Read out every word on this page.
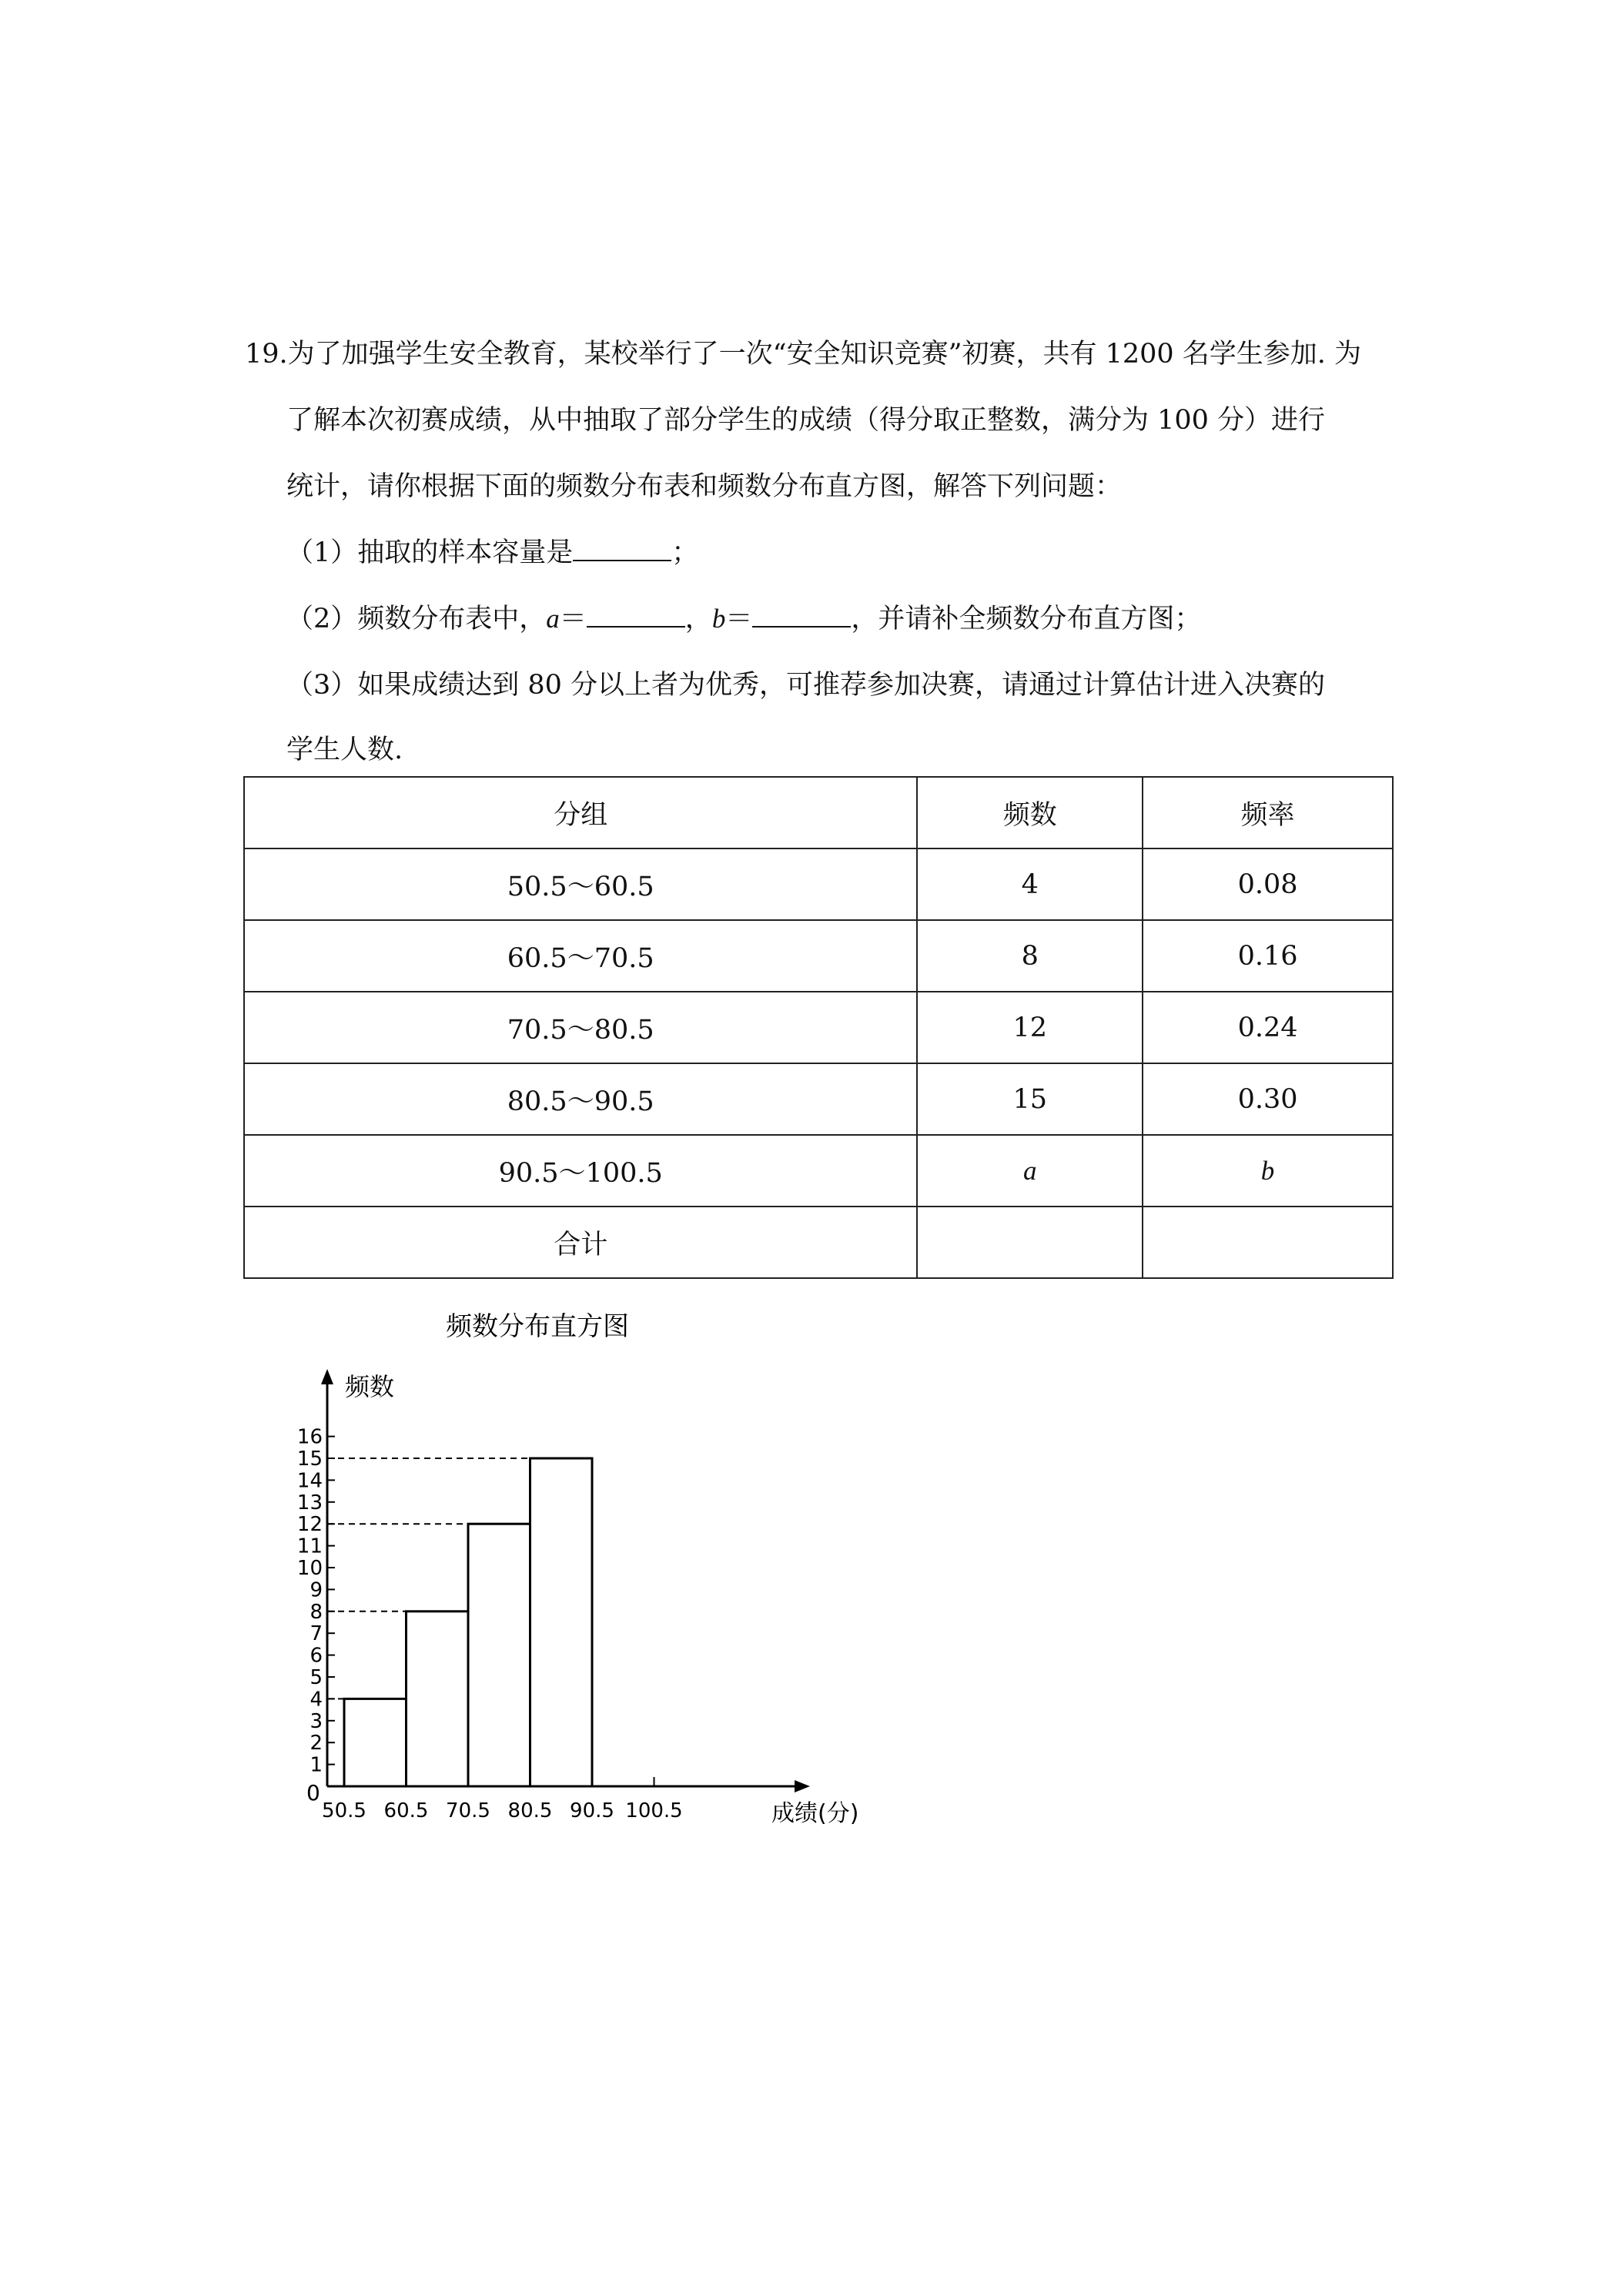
19.为了加强学生安全教育，某校举行了一次“安全知识竞赛”初赛，共有 1200 名学生参加. 为
了解本次初赛成绩，从中抽取了部分学生的成绩（得分取正整数，满分为 100 分）进行
统计，请你根据下面的频数分布表和频数分布直方图，解答下列问题：
（1）抽取的样本容量是	；
（2）频数分布表中，a＝	，b＝	，并请补全频数分布直方图；
（3）如果成绩达到 80 分以上者为优秀，可推荐参加决赛，请通过计算估计进入决赛的
学生人数.
分组	频数	频率
50.5～60.5	4	0.08
60.5～70.5	8	0.16
70.5～80.5	12	0.24
80.5～90.5	15	0.30
90.5～100.5	a	b
合计		
频数分布直方图
频数
成绩(分)
0
1
2
3
4
5
6
7
8
9
10
11
12
13
14
15
16
50.5 60.5 70.5 80.5 90.5 100.5
